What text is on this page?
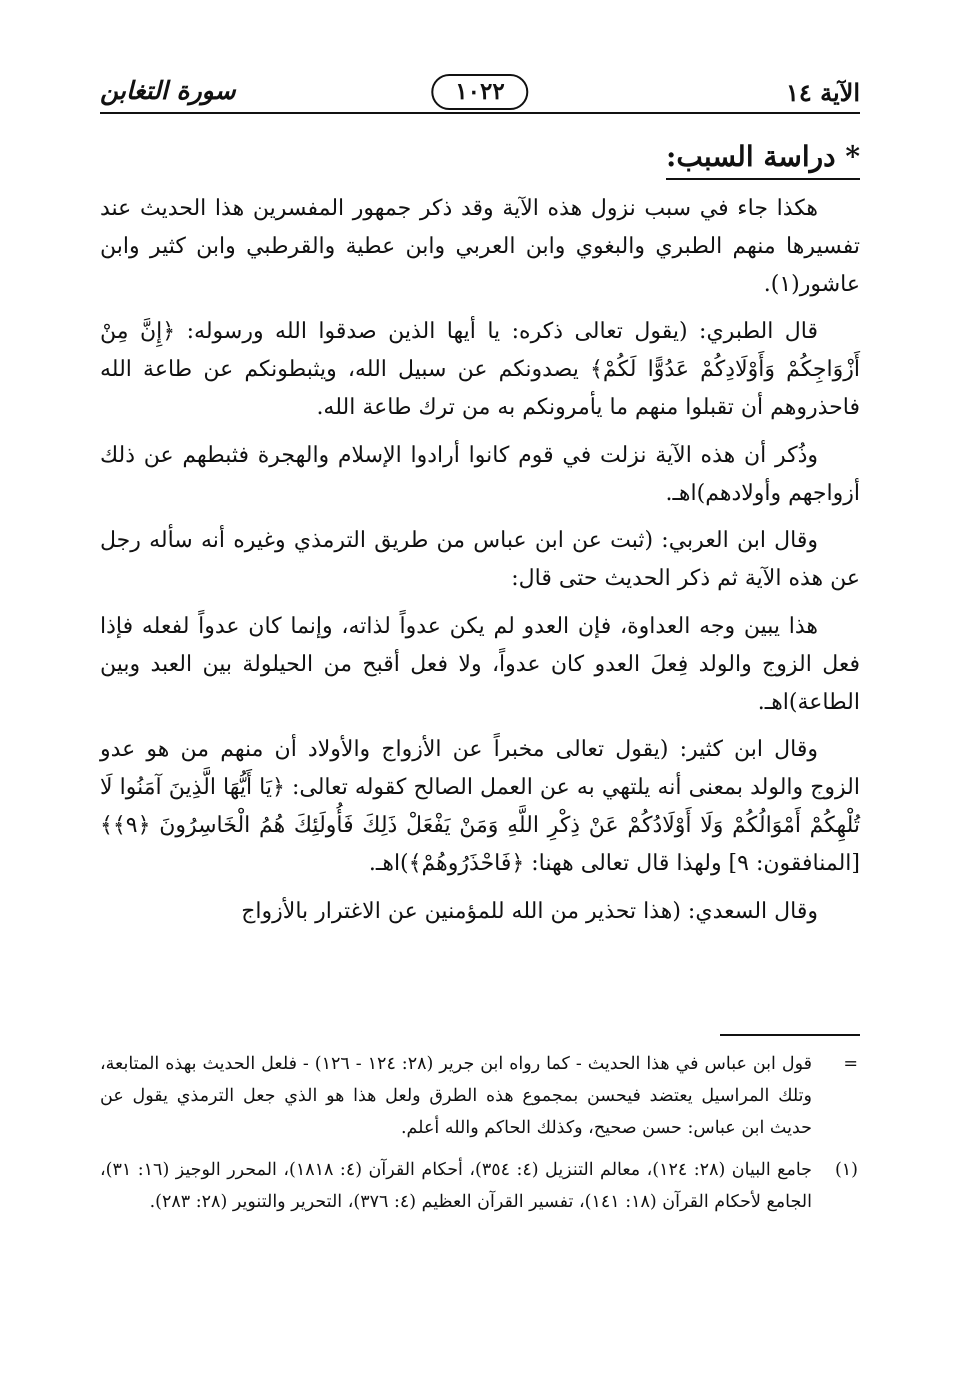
الآية ١٤
١٠٢٢
سورة التغابن
* دراسة السبب:

هكذا جاء في سبب نزول هذه الآية وقد ذكر جمهور المفسرين هذا الحديث عند تفسيرها منهم الطبري والبغوي وابن العربي وابن عطية والقرطبي وابن كثير وابن عاشور(١).

قال الطبري: (يقول تعالى ذكره: يا أيها الذين صدقوا الله ورسوله: ﴿إِنَّ مِنْ أَزْوَاجِكُمْ وَأَوْلَادِكُمْ عَدُوًّا لَكُمْ﴾ يصدونكم عن سبيل الله، ويثبطونكم عن طاعة الله فاحذروهم أن تقبلوا منهم ما يأمرونكم به من ترك طاعة الله.

وذُكر أن هذه الآية نزلت في قوم كانوا أرادوا الإسلام والهجرة فثبطهم عن ذلك أزواجهم وأولادهم)اهـ.

وقال ابن العربي: (ثبت عن ابن عباس من طريق الترمذي وغيره أنه سأله رجل عن هذه الآية ثم ذكر الحديث حتى قال:

هذا يبين وجه العداوة، فإن العدو لم يكن عدواً لذاته، وإنما كان عدواً لفعله فإذا فعل الزوج والولد فِعلَ العدو كان عدواً، ولا فعل أقبح من الحيلولة بين العبد وبين الطاعة)اهـ.

وقال ابن كثير: (يقول تعالى مخبراً عن الأزواج والأولاد أن منهم من هو عدو الزوج والولد بمعنى أنه يلتهي به عن العمل الصالح كقوله تعالى: ﴿يَا أَيُّهَا الَّذِينَ آمَنُوا لَا تُلْهِكُمْ أَمْوَالُكُمْ وَلَا أَوْلَادُكُمْ عَنْ ذِكْرِ اللَّهِ وَمَنْ يَفْعَلْ ذَلِكَ فَأُولَئِكَ هُمُ الْخَاسِرُونَ ﴿٩﴾﴾ [المنافقون: ٩] ولهذا قال تعالى ههنا: ﴿فَاحْذَرُوهُمْ﴾)اهـ.

وقال السعدي: (هذا تحذير من الله للمؤمنين عن الاغترار بالأزواج

=
قول ابن عباس في هذا الحديث - كما رواه ابن جرير (٢٨: ١٢٤ - ١٢٦) - فلعل الحديث بهذه المتابعة، وتلك المراسيل يعتضد فيحسن بمجموع هذه الطرق ولعل هذا هو الذي جعل الترمذي يقول عن حديث ابن عباس: حسن صحيح، وكذلك الحاكم والله أعلم.
(١)
جامع البيان (٢٨: ١٢٤)، معالم التنزيل (٤: ٣٥٤)، أحكام القرآن (٤: ١٨١٨)، المحرر الوجيز (١٦: ٣١)، الجامع لأحكام القرآن (١٨: ١٤١)، تفسير القرآن العظيم (٤: ٣٧٦)، التحرير والتنوير (٢٨: ٢٨٣).
